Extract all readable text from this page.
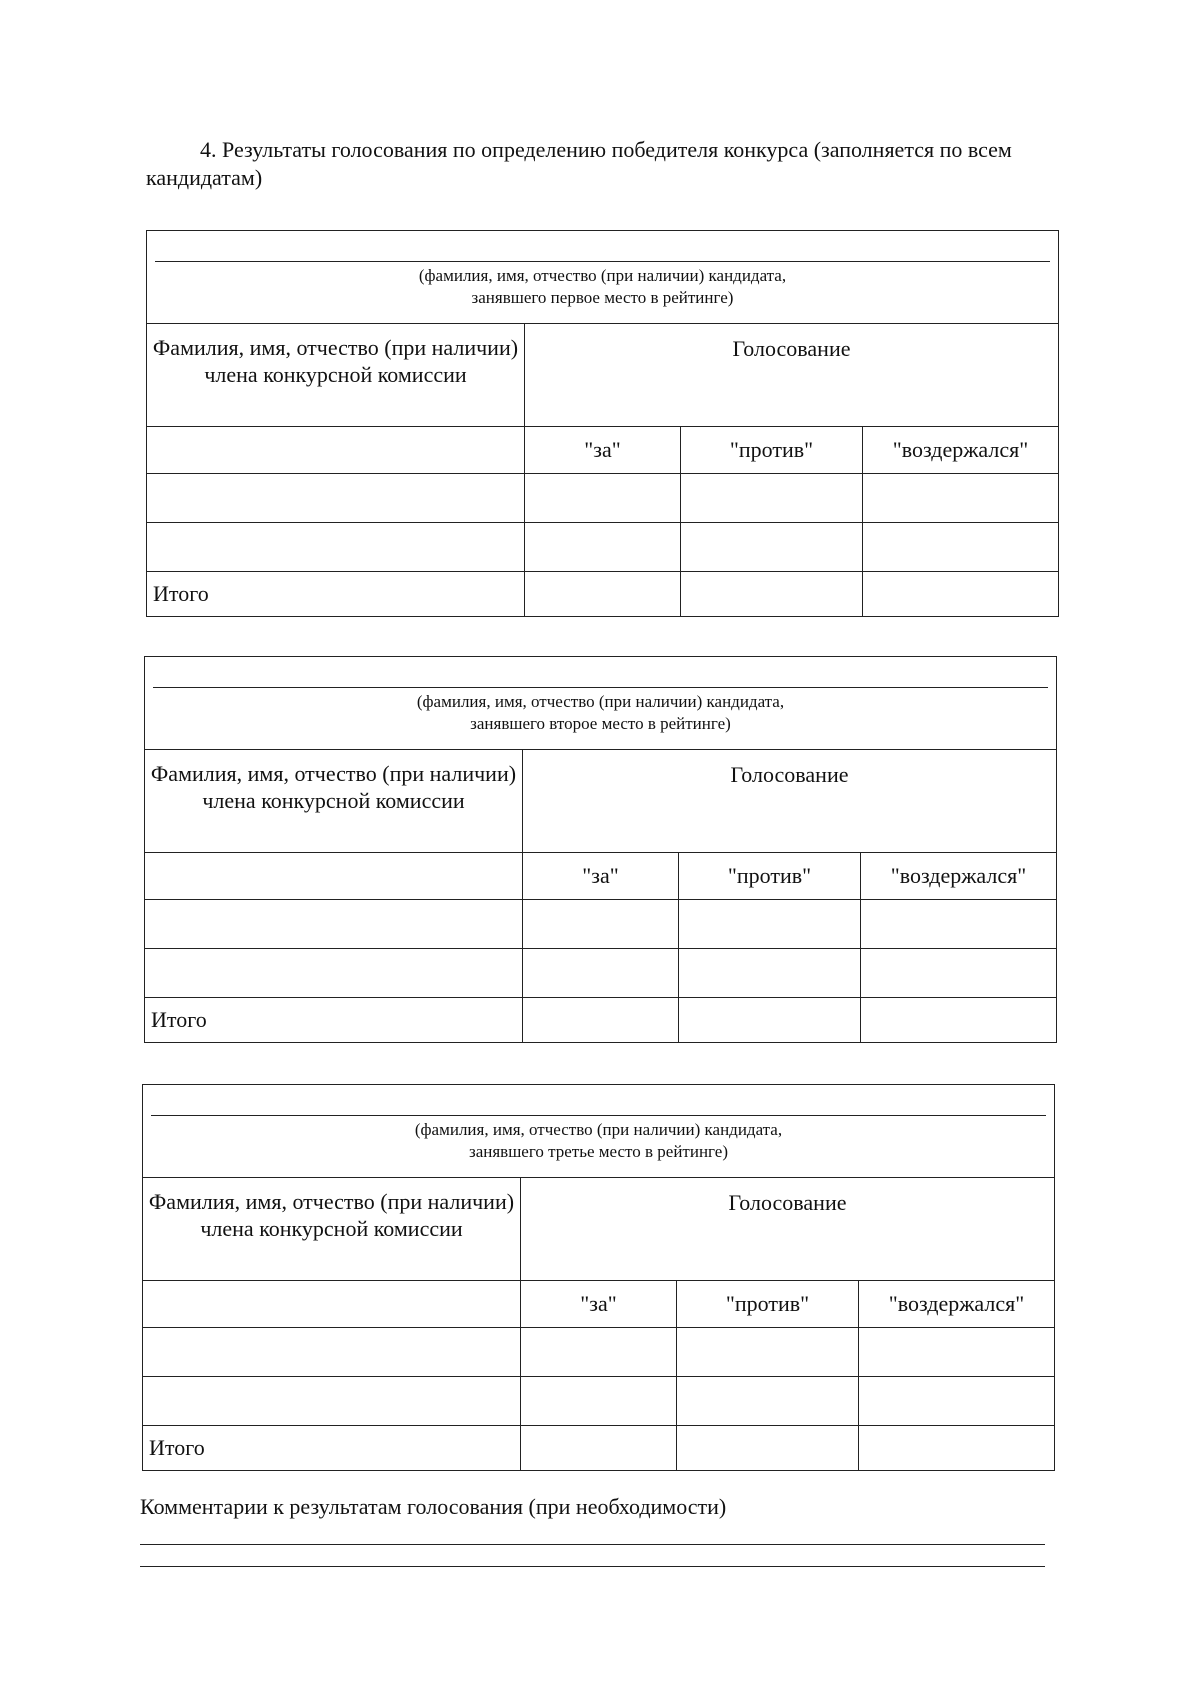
4. Результаты голосования по определению победителя конкурса (заполняется по всем
кандидатам)

(фамилия, имя, отчество (при наличии) кандидата,
занявшего первое место в рейтинге)			

Фамилия, имя, отчество (при наличии) члена конкурсной комиссии	Голосование		
	"за"	"против"	"воздержался"

Итого			
(фамилия, имя, отчество (при наличии) кандидата,
занявшего второе место в рейтинге)			

Фамилия, имя, отчество (при наличии) члена конкурсной комиссии	Голосование		
	"за"	"против"	"воздержался"

Итого			
(фамилия, имя, отчество (при наличии) кандидата,
занявшего третье место в рейтинге)			

Фамилия, имя, отчество (при наличии) члена конкурсной комиссии	Голосование		
	"за"	"против"	"воздержался"

Итого			

Комментарии к результатам голосования (при необходимости)
